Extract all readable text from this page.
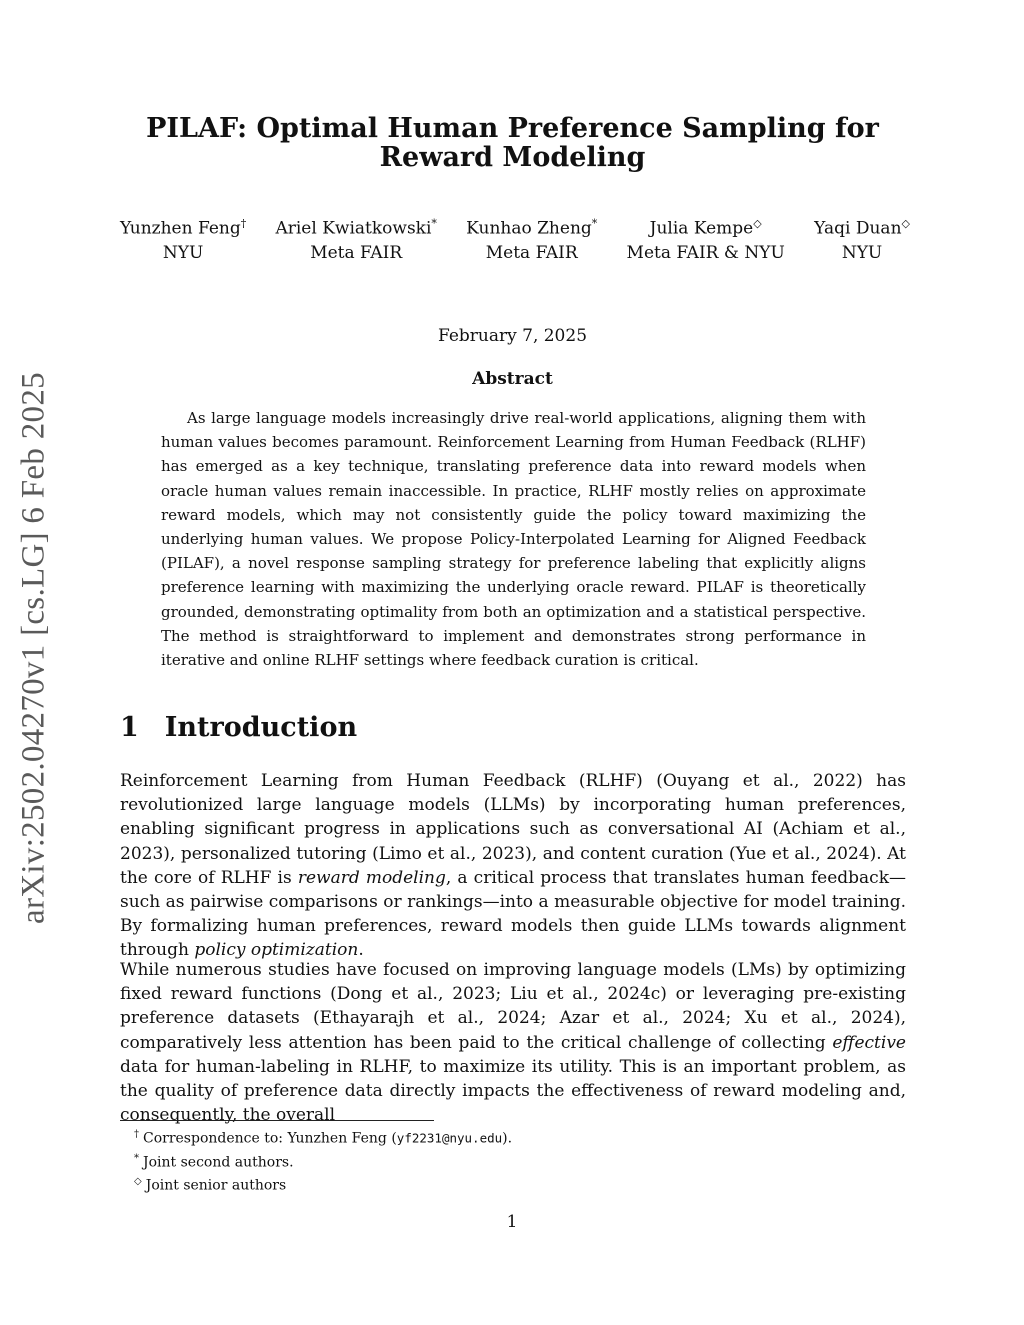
arXiv:2502.04270v1 [cs.LG] 6 Feb 2025
PILAF: Optimal Human Preference Sampling for Reward Modeling
Yunzhen Feng†
NYU
Ariel Kwiatkowski*
Meta FAIR
Kunhao Zheng*
Meta FAIR
Julia Kempe◇
Meta FAIR & NYU
Yaqi Duan◇
NYU
February 7, 2025
Abstract

As large language models increasingly drive real-world applications, aligning them with human values becomes paramount. Reinforcement Learning from Human Feedback (RLHF) has emerged as a key technique, translating preference data into reward models when oracle human values remain inaccessible. In practice, RLHF mostly relies on approximate reward models, which may not consistently guide the policy toward maximizing the underlying human values. We propose Policy-Interpolated Learning for Aligned Feedback (PILAF), a novel response sampling strategy for preference labeling that explicitly aligns preference learning with maximizing the underlying oracle reward. PILAF is theoretically grounded, demonstrating optimality from both an optimization and a statistical perspective. The method is straightforward to implement and demonstrates strong performance in iterative and online RLHF settings where feedback curation is critical.

1 Introduction

Reinforcement Learning from Human Feedback (RLHF) (Ouyang et al., 2022) has revolutionized large language models (LLMs) by incorporating human preferences, enabling significant progress in applications such as conversational AI (Achiam et al., 2023), personalized tutoring (Limo et al., 2023), and content curation (Yue et al., 2024). At the core of RLHF is reward modeling, a critical process that translates human feedback—such as pairwise comparisons or rankings—into a measurable objective for model training. By formalizing human preferences, reward models then guide LLMs towards alignment through policy optimization.

While numerous studies have focused on improving language models (LMs) by optimizing fixed reward functions (Dong et al., 2023; Liu et al., 2024c) or leveraging pre-existing preference datasets (Ethayarajh et al., 2024; Azar et al., 2024; Xu et al., 2024), comparatively less attention has been paid to the critical challenge of collecting effective data for human-labeling in RLHF, to maximize its utility. This is an important problem, as the quality of preference data directly impacts the effectiveness of reward modeling and, consequently, the overall

† Correspondence to: Yunzhen Feng (yf2231@nyu.edu).
* Joint second authors.
◇ Joint senior authors
1
